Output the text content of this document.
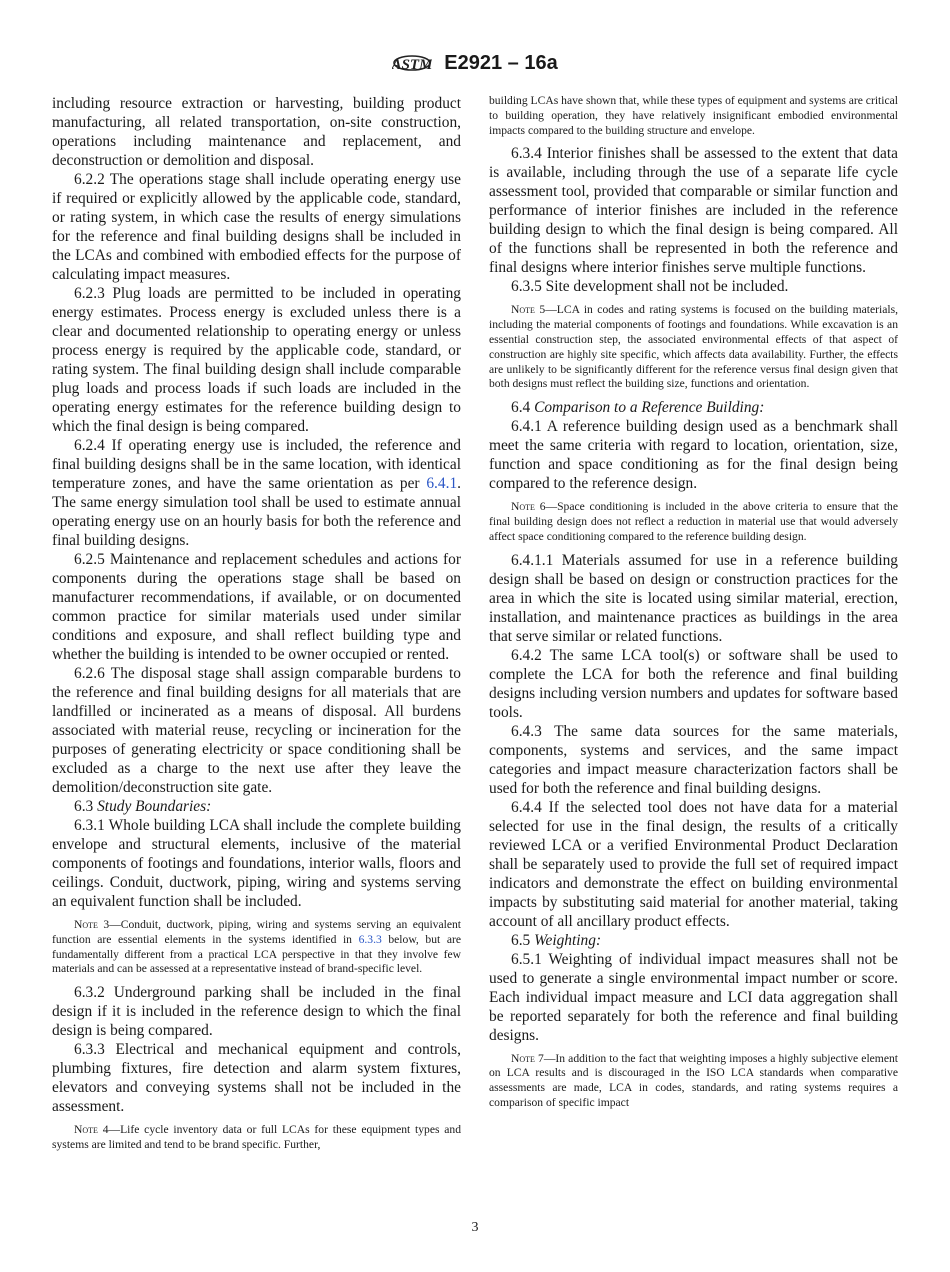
ASTM E2921 – 16a

including resource extraction or harvesting, building product manufacturing, all related transportation, on-site construction, operations including maintenance and replacement, and deconstruction or demolition and disposal.

6.2.2 The operations stage shall include operating energy use if required or explicitly allowed by the applicable code, standard, or rating system, in which case the results of energy simulations for the reference and final building designs shall be included in the LCAs and combined with embodied effects for the purpose of calculating impact measures.

6.2.3 Plug loads are permitted to be included in operating energy estimates. Process energy is excluded unless there is a clear and documented relationship to operating energy or unless process energy is required by the applicable code, standard, or rating system. The final building design shall include comparable plug loads and process loads if such loads are included in the operating energy estimates for the reference building design to which the final design is being compared.

6.2.4 If operating energy use is included, the reference and final building designs shall be in the same location, with identical temperature zones, and have the same orientation as per 6.4.1. The same energy simulation tool shall be used to estimate annual operating energy use on an hourly basis for both the reference and final building designs.

6.2.5 Maintenance and replacement schedules and actions for components during the operations stage shall be based on manufacturer recommendations, if available, or on documented common practice for similar materials used under similar conditions and exposure, and shall reflect building type and whether the building is intended to be owner occupied or rented.

6.2.6 The disposal stage shall assign comparable burdens to the reference and final building designs for all materials that are landfilled or incinerated as a means of disposal. All burdens associated with material reuse, recycling or incineration for the purposes of generating electricity or space conditioning shall be excluded as a charge to the next use after they leave the demolition/deconstruction site gate.

6.3 Study Boundaries:

6.3.1 Whole building LCA shall include the complete building envelope and structural elements, inclusive of the material components of footings and foundations, interior walls, floors and ceilings. Conduit, ductwork, piping, wiring and systems serving an equivalent function shall be included.

Note 3—Conduit, ductwork, piping, wiring and systems serving an equivalent function are essential elements in the systems identified in 6.3.3 below, but are fundamentally different from a practical LCA perspective in that they involve few materials and can be assessed at a representative instead of brand-specific level.

6.3.2 Underground parking shall be included in the final design if it is included in the reference design to which the final design is being compared.

6.3.3 Electrical and mechanical equipment and controls, plumbing fixtures, fire detection and alarm system fixtures, elevators and conveying systems shall not be included in the assessment.

Note 4—Life cycle inventory data or full LCAs for these equipment types and systems are limited and tend to be brand specific. Further,

building LCAs have shown that, while these types of equipment and systems are critical to building operation, they have relatively insignificant embodied environmental impacts compared to the building structure and envelope.

6.3.4 Interior finishes shall be assessed to the extent that data is available, including through the use of a separate life cycle assessment tool, provided that comparable or similar function and performance of interior finishes are included in the reference building design to which the final design is being compared. All of the functions shall be represented in both the reference and final designs where interior finishes serve multiple functions.

6.3.5 Site development shall not be included.

Note 5—LCA in codes and rating systems is focused on the building materials, including the material components of footings and foundations. While excavation is an essential construction step, the associated environmental effects of that aspect of construction are highly site specific, which affects data availability. Further, the effects are unlikely to be significantly different for the reference versus final design given that both designs must reflect the building size, functions and orientation.

6.4 Comparison to a Reference Building:

6.4.1 A reference building design used as a benchmark shall meet the same criteria with regard to location, orientation, size, function and space conditioning as for the final design being compared to the reference design.

Note 6—Space conditioning is included in the above criteria to ensure that the final building design does not reflect a reduction in material use that would adversely affect space conditioning compared to the reference building design.

6.4.1.1 Materials assumed for use in a reference building design shall be based on design or construction practices for the area in which the site is located using similar material, erection, installation, and maintenance practices as buildings in the area that serve similar or related functions.

6.4.2 The same LCA tool(s) or software shall be used to complete the LCA for both the reference and final building designs including version numbers and updates for software based tools.

6.4.3 The same data sources for the same materials, components, systems and services, and the same impact categories and impact measure characterization factors shall be used for both the reference and final building designs.

6.4.4 If the selected tool does not have data for a material selected for use in the final design, the results of a critically reviewed LCA or a verified Environmental Product Declaration shall be separately used to provide the full set of required impact indicators and demonstrate the effect on building environmental impacts by substituting said material for another material, taking account of all ancillary product effects.

6.5 Weighting:

6.5.1 Weighting of individual impact measures shall not be used to generate a single environmental impact number or score. Each individual impact measure and LCI data aggregation shall be reported separately for both the reference and final building designs.

Note 7—In addition to the fact that weighting imposes a highly subjective element on LCA results and is discouraged in the ISO LCA standards when comparative assessments are made, LCA in codes, standards, and rating systems requires a comparison of specific impact

3
